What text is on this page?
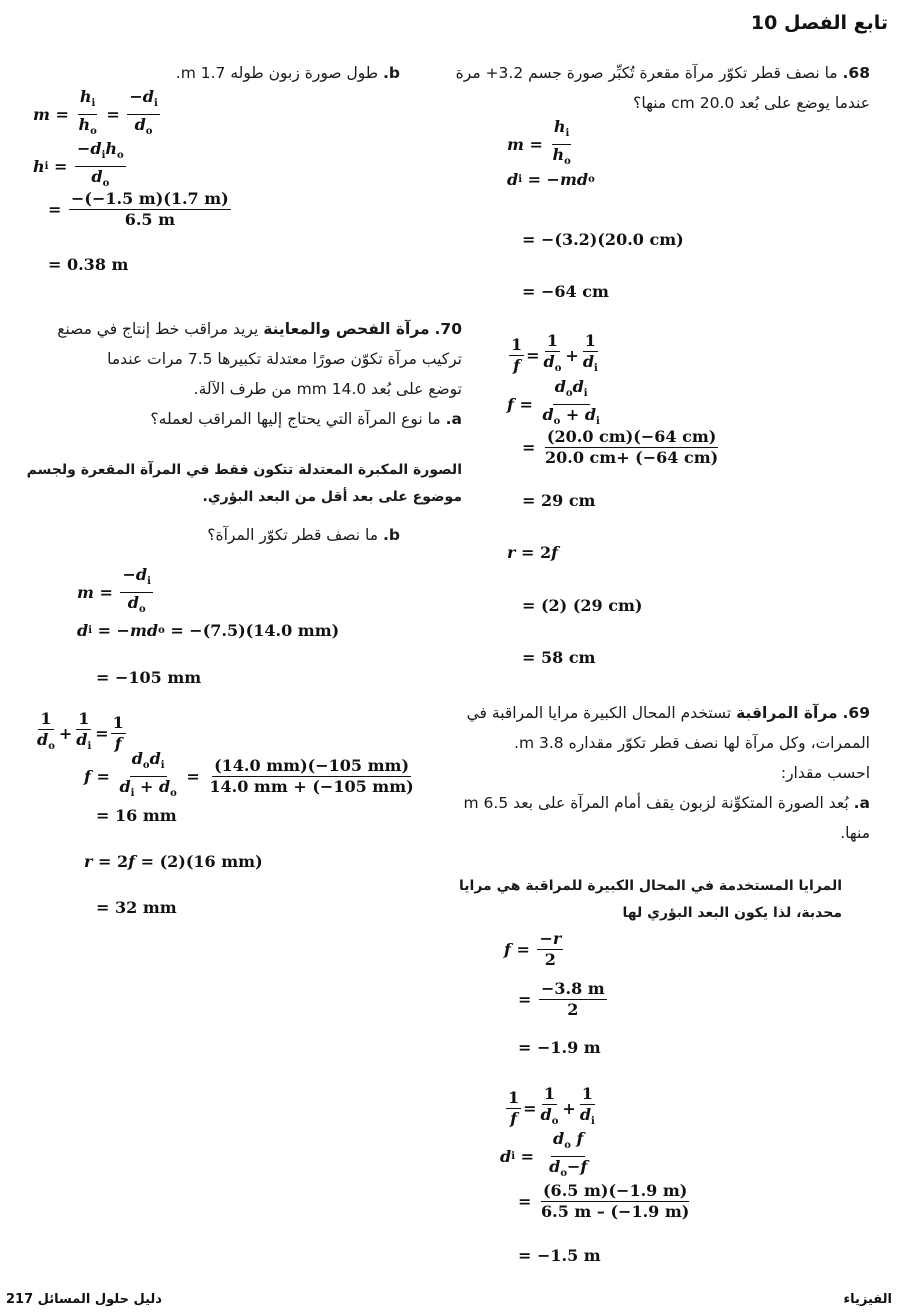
تابع الفصل 10
68. ما نصف قطر تكوّر مرآة مقعرة تُكبِّر صورة جسم 3.2+ مرة
عندما يوضع على بُعد 20.0 cm منها؟
$m = \frac{h_i}{h_o}$
d i = − md o
= −(3.2)(20.0 cm)
= −64 cm
$\frac{1}{f} = \frac{1}{d_o} + \frac{1}{d_i}$
$f = \frac{d_od_i}{d_o + d_i}$
= $\frac{(20.0 cm)(-64 cm)}{20.0 cm+ (-64 cm)}$
= 29 cm
r = 2 f
= (2) (29 cm)
= 58 cm
69. مرآة المراقبة تستخدم المحال الكبيرة مرايا المراقبة في
الممرات، وكل مرآة لها نصف قطر تكوّر مقداره 3.8 m.
احسب مقدار:
a. بُعد الصورة المتكوِّنة لزبون يقف أمام المرآة على بعد 6.5 m
منها.
المرايا المستخدمة في المحال الكبيرة للمراقبة هي مرايا
محدبة، لذا يكون البعد البؤري لها
$f = \frac{-r}{2}$
= $\frac{-3.8 m}{2}$
= −1.9 m
$\frac{1}{f} = \frac{1}{d_o} + \frac{1}{d_i}$
d $i = \frac{d_o f}{d_o-f}$
= $\frac{(6.5 m)(-1.9 m)}{6.5 m - (-1.9 m)}$
= −1.5 m
b. طول صورة زبون طوله 1.7 m.
$m = \frac{h_i}{h_o} = \frac{-d_i}{d_o}$
h $i = \frac{-d_ih_o}{d_o}$
= $\frac{-(-1.5 m)(1.7 m)}{6.5 m}$
= 0.38 m
70. مرآة الفحص والمعاينة يريد مراقب خط إنتاج في مصنع
تركيب مرآة تكوّن صورًا معتدلة تكبيرها 7.5 مرات عندما
توضع على بُعد 14.0 mm من طرف الآلة.
a. ما نوع المرآة التي يحتاج إليها المراقب لعمله؟
الصورة المكبرة المعتدلة تتكون فقط في المرآة المقعرة ولجسم
موضوع على بعد أقل من البعد البؤري.
b. ما نصف قطر تكوّر المرآة؟
$m = \frac{-d_i}{d_o}$
d i = − md o = −(7.5)(14.0 mm)
= −105 mm
$\frac{1}{d_o} + \frac{1}{d_i} = \frac{1}{f}$
$f = \frac{d_od_i}{d_i + d_o} = \frac{(14.0 mm)(-105 mm)}{14.0 mm + (-105 mm)}$
= 16 mm
r = 2 f = (2)(16 mm)
= 32 mm
دليل حلول المسائل 217	الفيزياء
